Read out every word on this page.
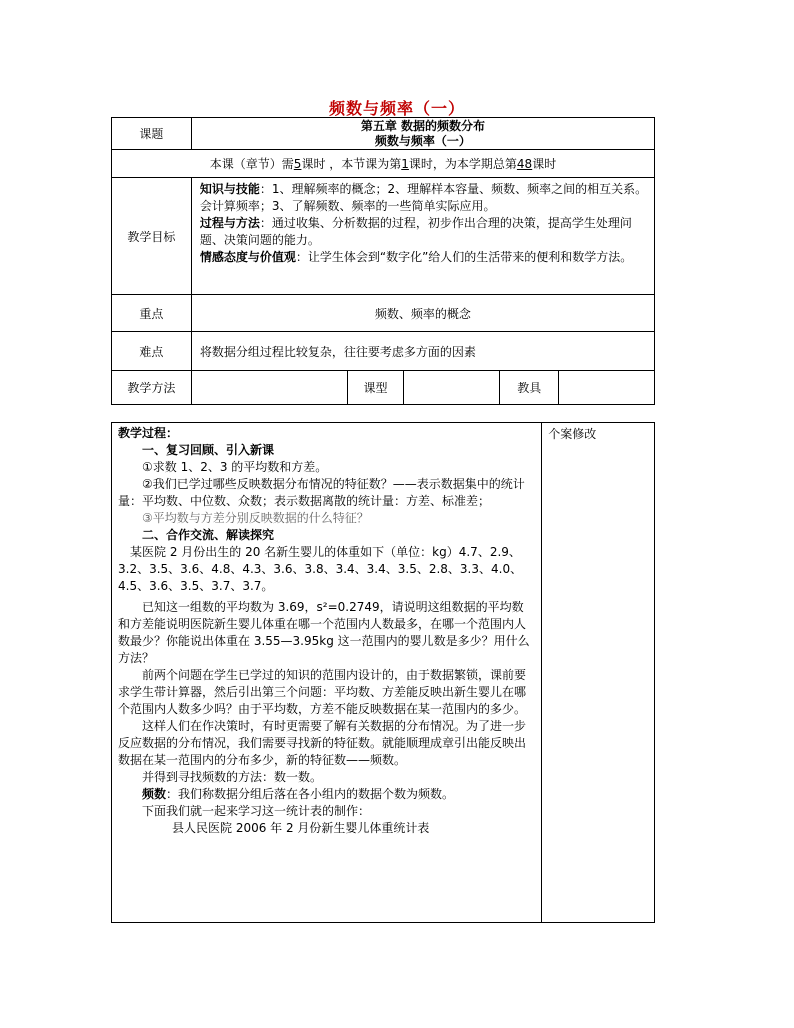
频数与频率（一）
课题	第五章 数据的频数分布
频数与频率（一）				

本课（章节）需5课时 ，本节课为第1课时，为本学期总第48课时					
教学目标	知识与技能：1、理解频率的概念；2、理解样本容量、频数、频率之间的相互关系。会计算频率；3、了解频数、频率的一些简单实际应用。
过程与方法：通过收集、分析数据的过程，初步作出合理的决策，提高学生处理问题、决策问题的能力。
情感态度与价值观：让学生体会到“数字化”给人们的生活带来的便利和数学方法。				

重点	频数、频率的概念				
难点	将数据分组过程比较复杂，往往要考虑多方面的因素				
教学方法		课型		教具	
教学过程：
一、复习回顾、引入新课
①求数 1、2、3 的平均数和方差。
②我们已学过哪些反映数据分布情况的特征数？——表示数据集中的统计量：平均数、中位数、众数；表示数据离散的统计量：方差、标准差；
③平均数与方差分别反映数据的什么特征？
二、合作交流、解读探究
某医院 2 月份出生的 20 名新生婴儿的体重如下（单位：kg）4.7、2.9、3.2、3.5、3.6、4.8、4.3、3.6、3.8、3.4、3.4、3.5、2.8、3.3、4.0、4.5、3.6、3.5、3.7、3.7。
已知这一组数的平均数为 3.69，s²=0.2749，请说明这组数据的平均数和方差能说明医院新生婴儿体重在哪一个范围内人数最多，在哪一个范围内人数最少？你能说出体重在 3.55—3.95kg 这一范围内的婴儿数是多少？用什么方法？
前两个问题在学生已学过的知识的范围内设计的，由于数据繁锁，课前要求学生带计算器，然后引出第三个问题：平均数、方差能反映出新生婴儿在哪个范围内人数多少吗？由于平均数，方差不能反映数据在某一范围内的多少。
这样人们在作决策时，有时更需要了解有关数据的分布情况。为了进一步反应数据的分布情况，我们需要寻找新的特征数。就能顺理成章引出能反映出数据在某一范围内的分布多少，新的特征数——频数。
并得到寻找频数的方法：数一数。
频数：我们称数据分组后落在各小组内的数据个数为频数。
下面我们就一起来学习这一统计表的制作：
县人民医院 2006 年 2 月份新生婴儿体重统计表

个案修改
